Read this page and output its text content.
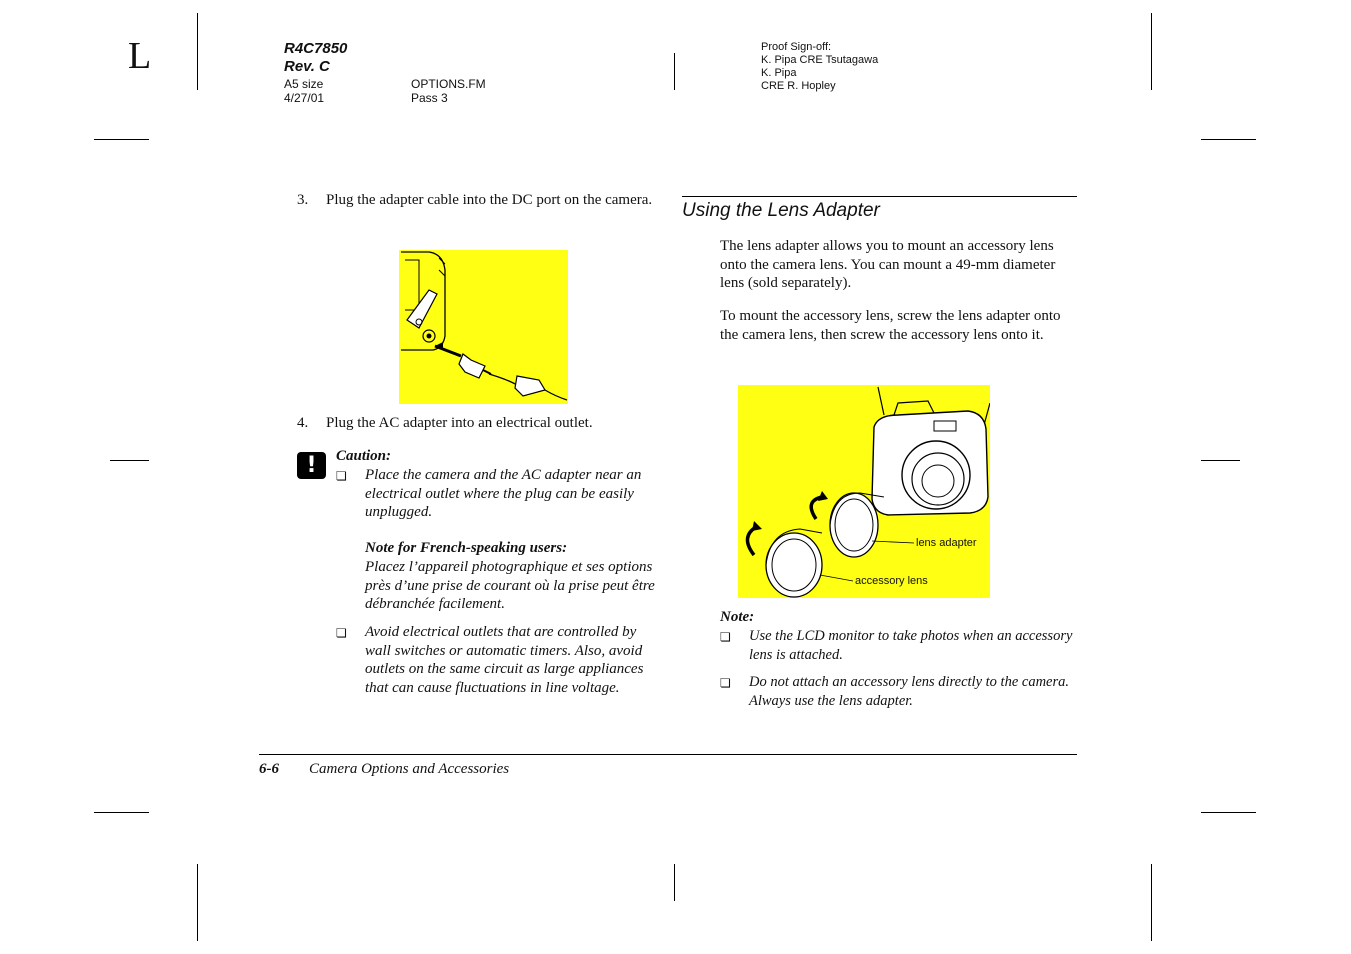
L	R4C7850
Rev. C
A5 size
4/27/01
OPTIONS.FM
Pass 3
Proof Sign-off:
K. Pipa CRE Tsutagawa
K. Pipa
CRE R. Hopley
3. Plug the adapter cable into the DC port on the camera.
4. Plug the AC adapter into an electrical outlet.
!	Caution:
❏ Place the camera and the AC adapter near an electrical outlet where the plug can be easily unplugged.
Note for French-speaking users:
Placez l’appareil photographique et ses options près d’une prise de courant où la prise peut être débranchée facilement.
❏ Avoid electrical outlets that are controlled by wall switches or automatic timers. Also, avoid outlets on the same circuit as large appliances that can cause fluctuations in line voltage.
Using the Lens Adapter
The lens adapter allows you to mount an accessory lens onto the camera lens. You can mount a 49-mm diameter lens (sold separately).
To mount the accessory lens, screw the lens adapter onto the camera lens, then screw the accessory lens onto it.
lens adapter
accessory lens
Note:
❏ Use the LCD monitor to take photos when an accessory lens is attached.
❏ Do not attach an accessory lens directly to the camera. Always use the lens adapter.
6-6 Camera Options and Accessories
